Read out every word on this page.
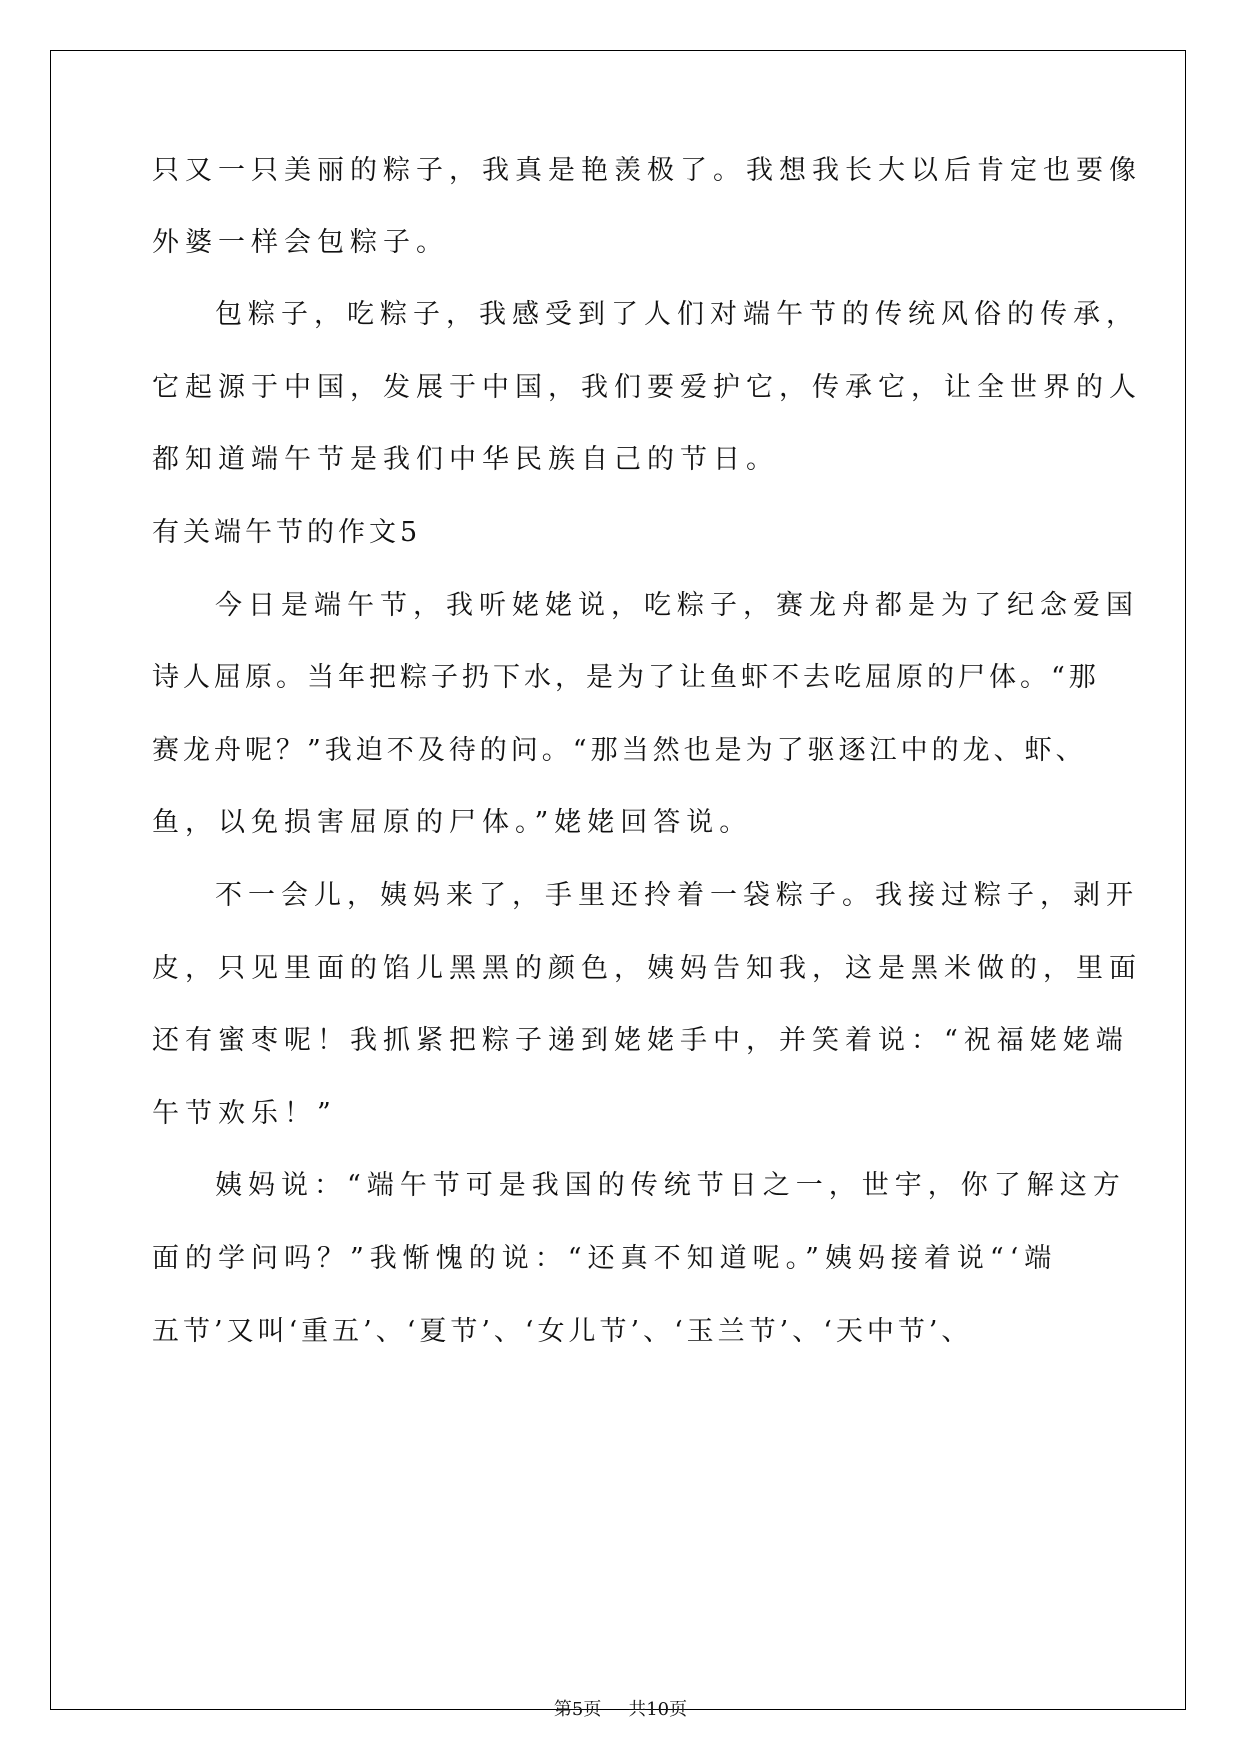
只又一只美丽的粽子，我真是艳羡极了。我想我长大以后肯定也要像
外婆一样会包粽子。
包粽子，吃粽子，我感受到了人们对端午节的传统风俗的传承，
它起源于中国，发展于中国，我们要爱护它，传承它，让全世界的人
都知道端午节是我们中华民族自己的节日。
有关端午节的作文5
今日是端午节，我听姥姥说，吃粽子，赛龙舟都是为了纪念爱国
诗人屈原。当年把粽子扔下水，是为了让鱼虾不去吃屈原的尸体。“那
赛龙舟呢？”我迫不及待的问。“那当然也是为了驱逐江中的龙、虾、
鱼，以免损害屈原的尸体。”姥姥回答说。
不一会儿，姨妈来了，手里还拎着一袋粽子。我接过粽子，剥开
皮，只见里面的馅儿黑黑的颜色，姨妈告知我，这是黑米做的，里面
还有蜜枣呢！我抓紧把粽子递到姥姥手中，并笑着说：“祝福姥姥端
午节欢乐！”
姨妈说：“端午节可是我国的传统节日之一，世宇，你了解这方
面的学问吗？”我惭愧的说：“还真不知道呢。”姨妈接着说“‘端
五节’又叫‘重五’、‘夏节’、‘女儿节’、‘玉兰节’、‘天中节’、
第5页 共10页
